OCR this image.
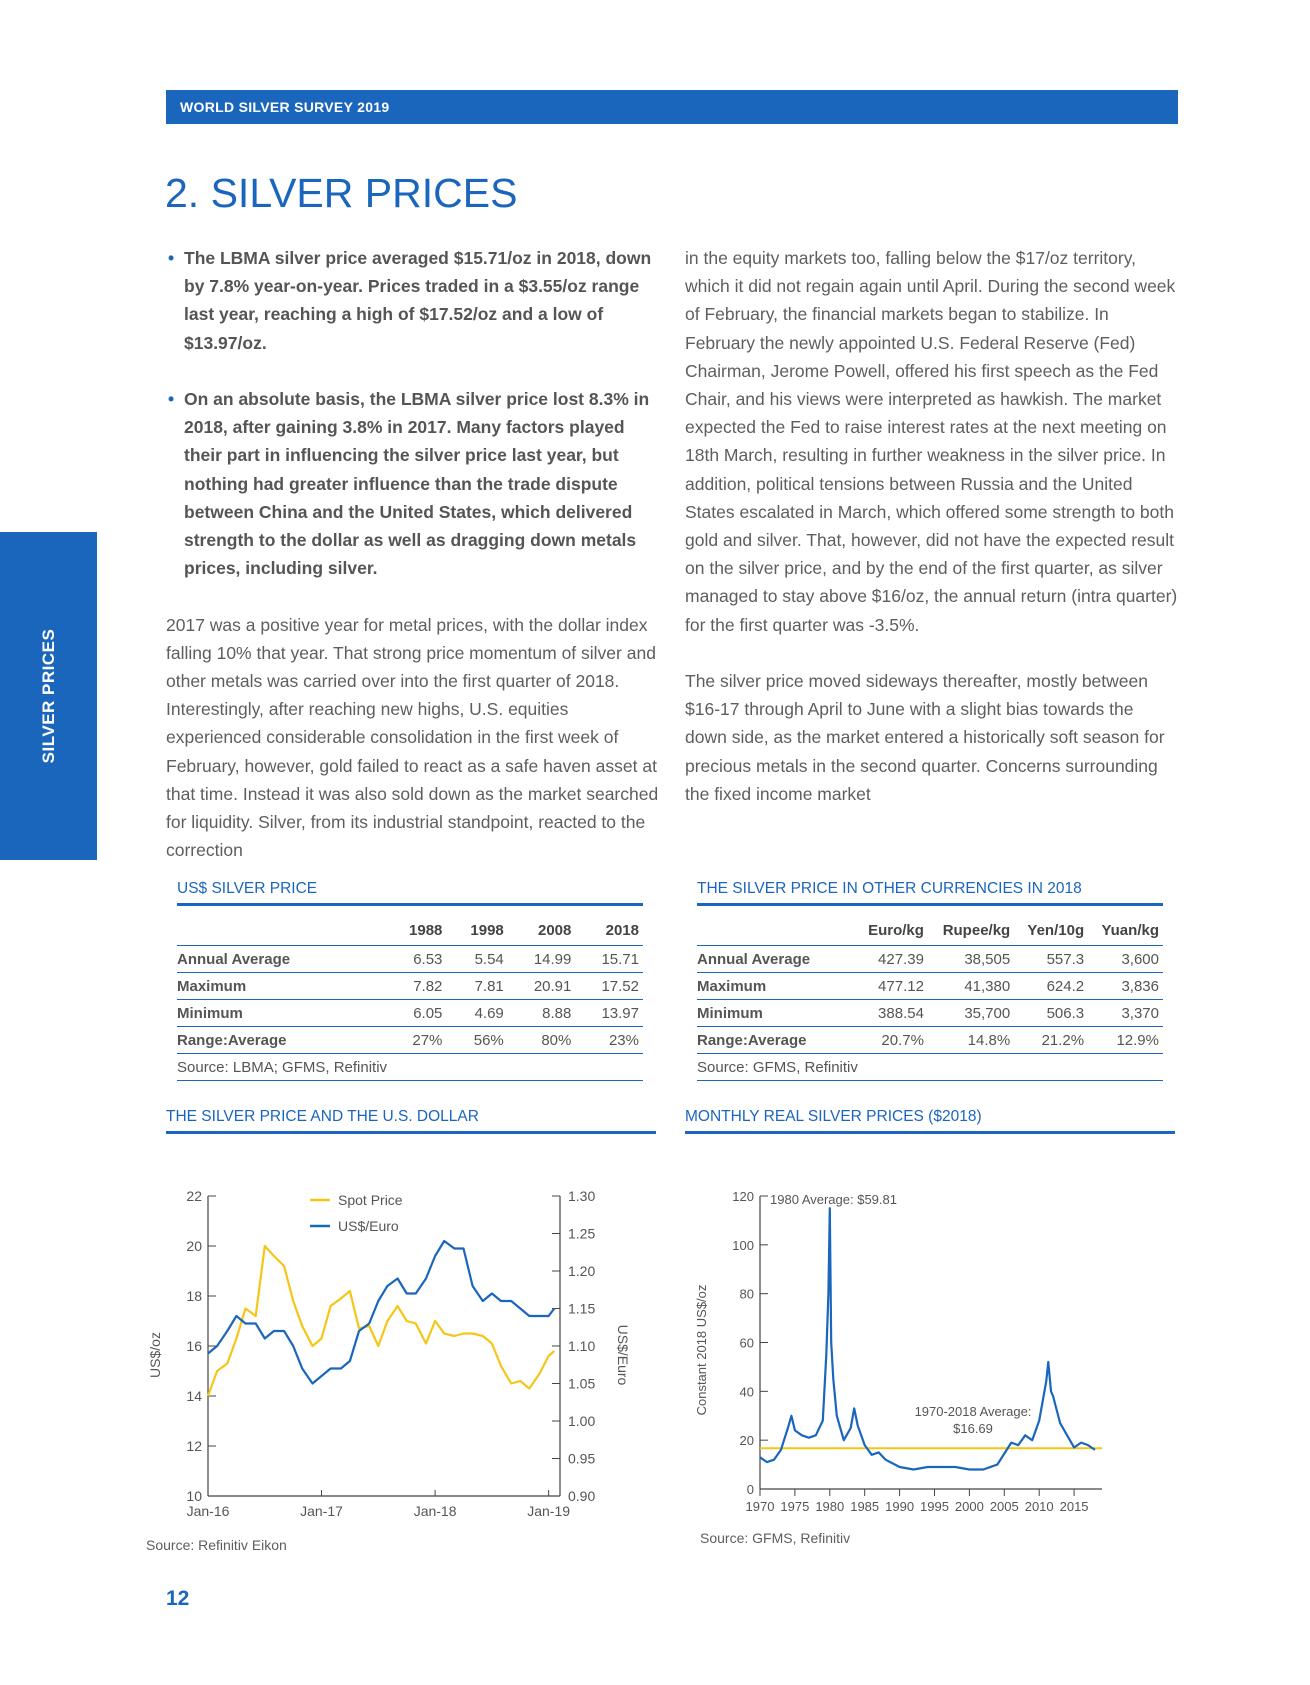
WORLD SILVER SURVEY 2019
SILVER PRICES
2. SILVER PRICES
• The LBMA silver price averaged $15.71/oz in 2018, down by 7.8% year-on-year. Prices traded in a $3.55/oz range last year, reaching a high of $17.52/oz and a low of $13.97/oz.
• On an absolute basis, the LBMA silver price lost 8.3% in 2018, after gaining 3.8% in 2017. Many factors played their part in influencing the silver price last year, but nothing had greater influence than the trade dispute between China and the United States, which delivered strength to the dollar as well as dragging down metals prices, including silver.

2017 was a positive year for metal prices, with the dollar index falling 10% that year. That strong price momentum of silver and other metals was carried over into the first quarter of 2018. Interestingly, after reaching new highs, U.S. equities experienced considerable consolidation in the first week of February, however, gold failed to react as a safe haven asset at that time. Instead it was also sold down as the market searched for liquidity. Silver, from its industrial standpoint, reacted to the correction

in the equity markets too, falling below the $17/oz territory, which it did not regain again until April. During the second week of February, the financial markets began to stabilize. In February the newly appointed U.S. Federal Reserve (Fed) Chairman, Jerome Powell, offered his first speech as the Fed Chair, and his views were interpreted as hawkish. The market expected the Fed to raise interest rates at the next meeting on 18th March, resulting in further weakness in the silver price. In addition, political tensions between Russia and the United States escalated in March, which offered some strength to both gold and silver. That, however, did not have the expected result on the silver price, and by the end of the first quarter, as silver managed to stay above $16/oz, the annual return (intra quarter) for the first quarter was -3.5%.

The silver price moved sideways thereafter, mostly between $16-17 through April to June with a slight bias towards the down side, as the market entered a historically soft season for precious metals in the second quarter. Concerns surrounding the fixed income market

US$ SILVER PRICE
	1988	1998	2008	2018
Annual Average	6.53	5.54	14.99	15.71
Maximum	7.82	7.81	20.91	17.52
Minimum	6.05	4.69	8.88	13.97
Range:Average	27%	56%	80%	23%
Source: LBMA; GFMS, Refinitiv				
THE SILVER PRICE IN OTHER CURRENCIES IN 2018
	Euro/kg	Rupee/kg	Yen/10g	Yuan/kg
Annual Average	427.39	38,505	557.3	3,600
Maximum	477.12	41,380	624.2	3,836
Minimum	388.54	35,700	506.3	3,370
Range:Average	20.7%	14.8%	21.2%	12.9%
Source: GFMS, Refinitiv				
THE SILVER PRICE AND THE U.S. DOLLAR	MONTHLY REAL SILVER PRICES ($2018)
10
12
14
16
18
20
22
0.90
0.95
1.00
1.05
1.10
1.15
1.20
1.25
1.30
Jan-16	Jan-17	Jan-18	Jan-19
Spot Price
US$/Euro
US$/oz	US$/Euro
Source: Refinitiv Eikon
0
20
40
60
80
100
120
1970 1975 1980 1985 1990 1995 2000 2005 2010 2015
Constant 2018 US$/oz
1980 Average: $59.81
1970-2018 Average:
$16.69
Source: GFMS, Refinitiv
12
